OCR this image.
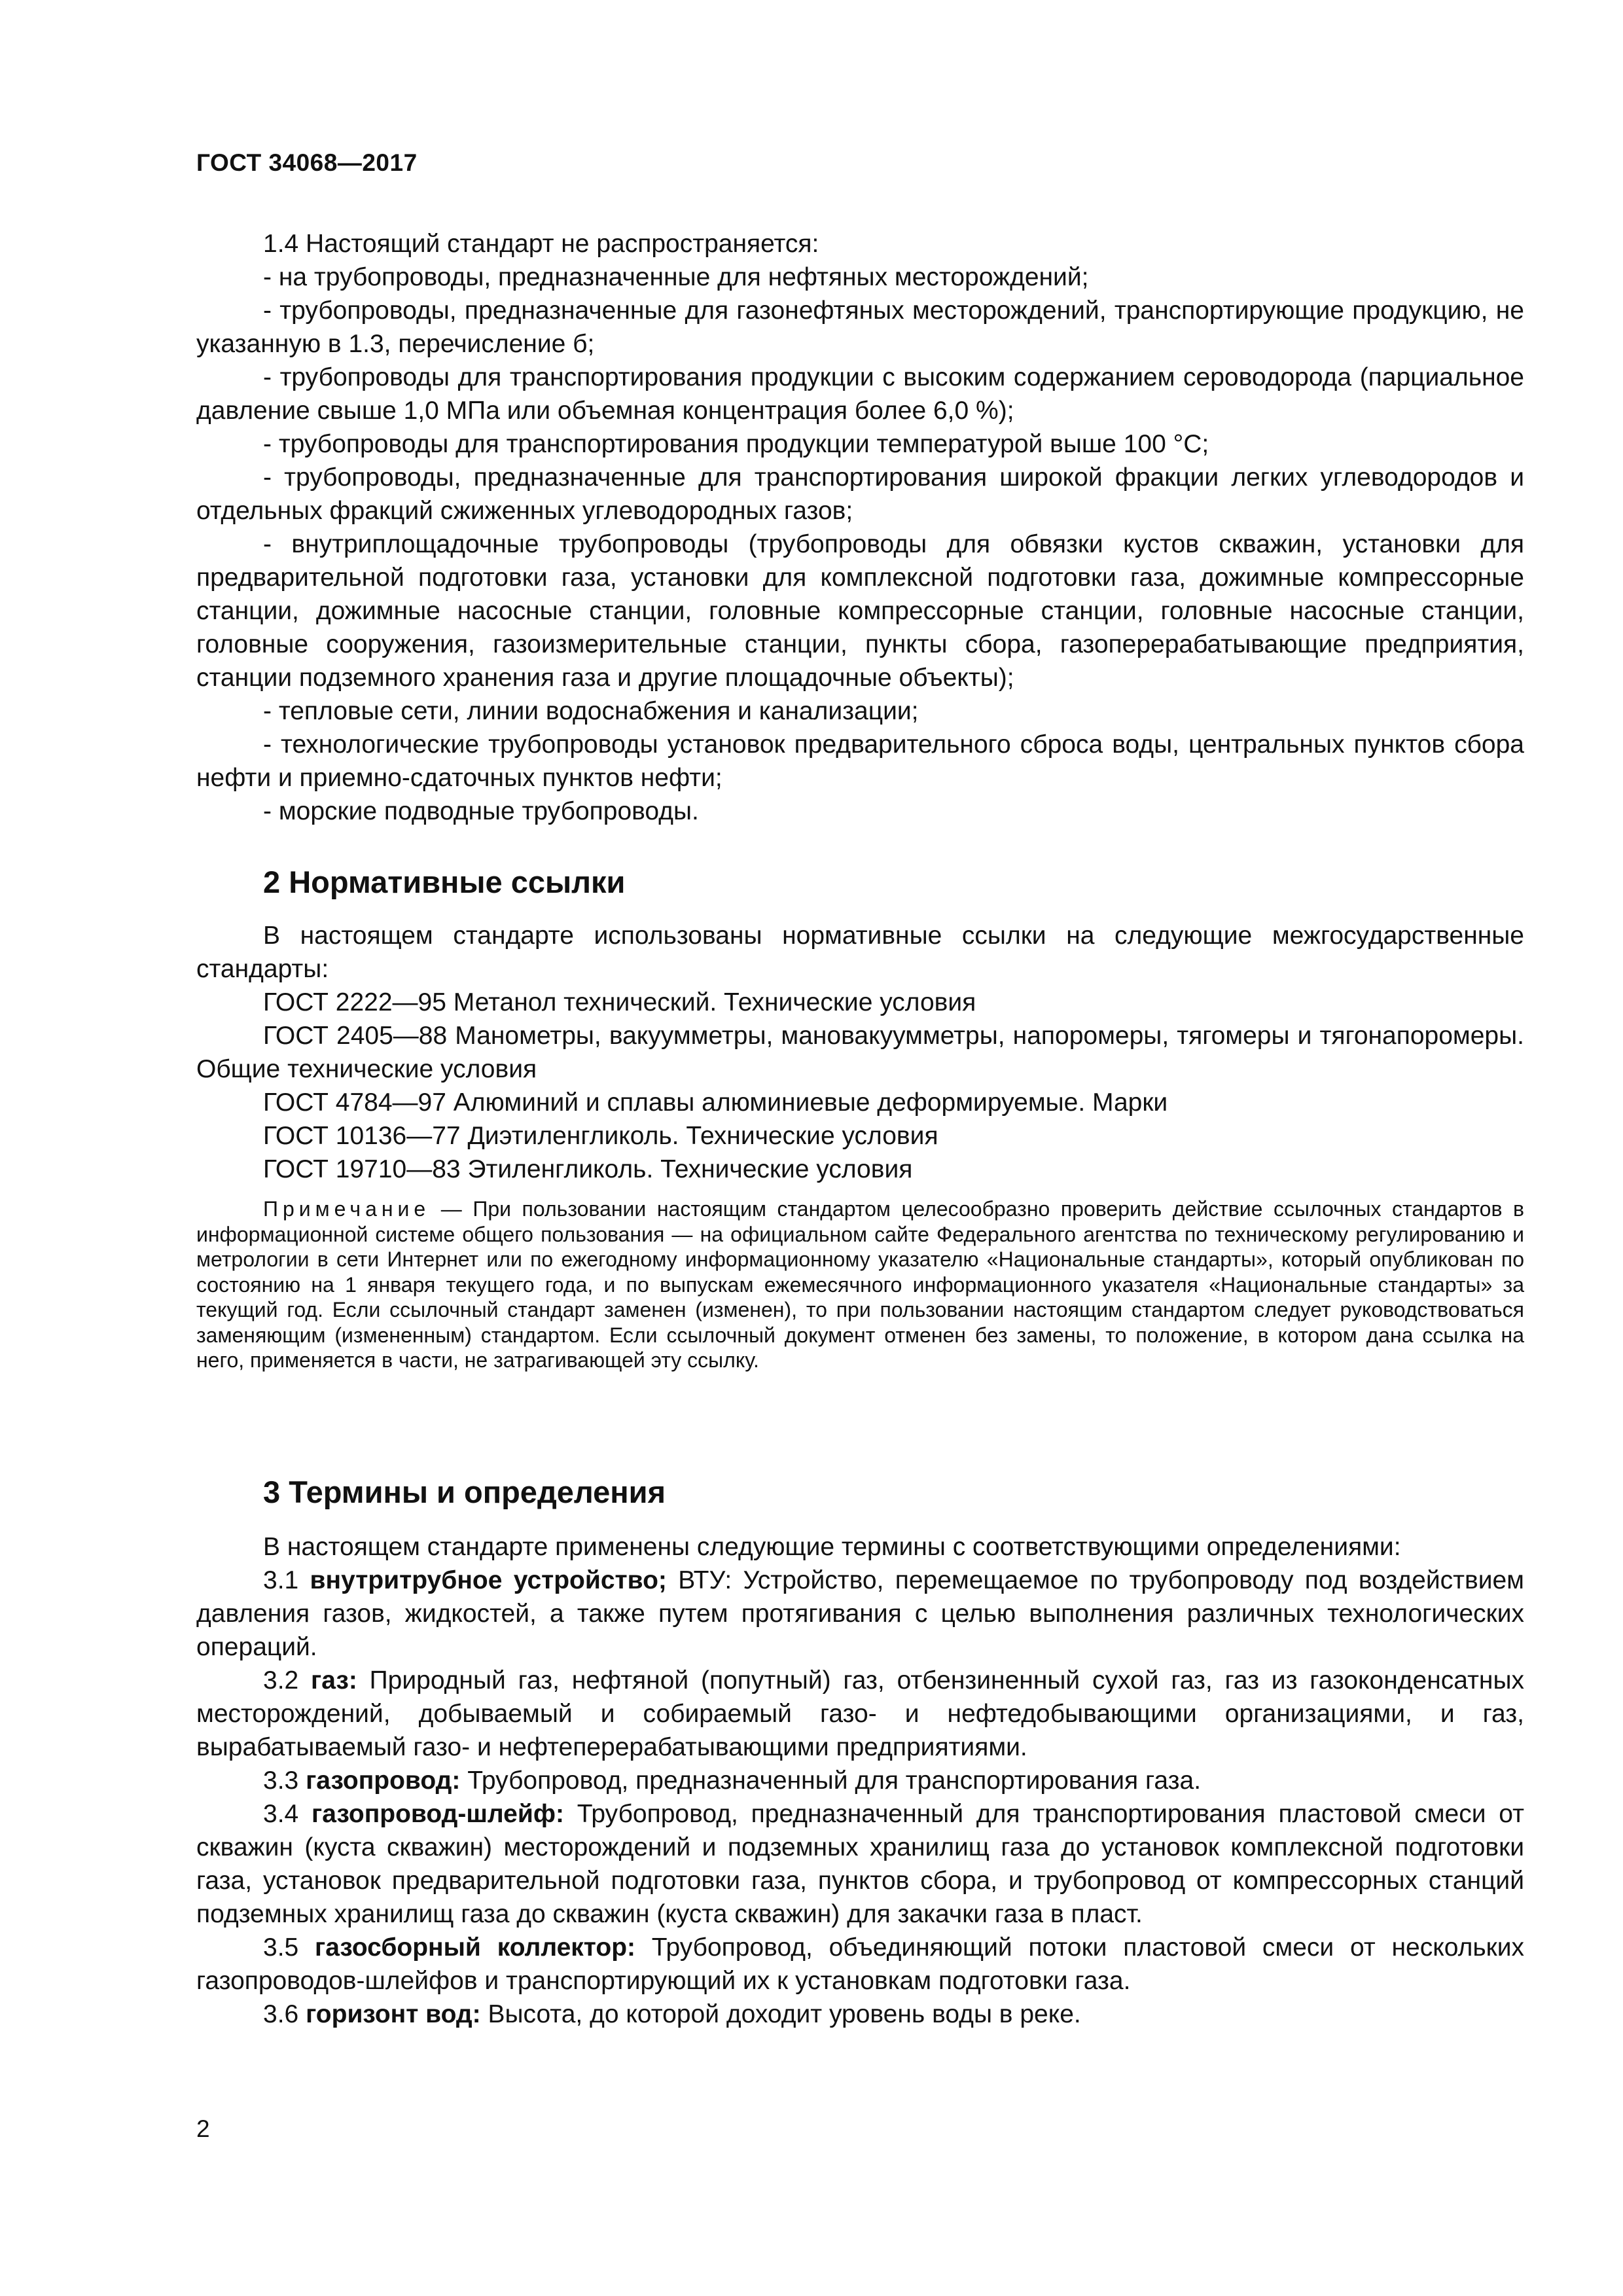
ГОСТ 34068—2017

1.4 Настоящий стандарт не распространяется:

- на трубопроводы, предназначенные для нефтяных месторождений;

- трубопроводы, предназначенные для газонефтяных месторождений, транспортирующие продукцию, не указанную в 1.3, перечисление б;

- трубопроводы для транспортирования продукции с высоким содержанием сероводорода (парциальное давление свыше 1,0 МПа или объемная концентрация более 6,0 %);

- трубопроводы для транспортирования продукции температурой выше 100 °С;

- трубопроводы, предназначенные для транспортирования широкой фракции легких углеводородов и отдельных фракций сжиженных углеводородных газов;

- внутриплощадочные трубопроводы (трубопроводы для обвязки кустов скважин, установки для предварительной подготовки газа, установки для комплексной подготовки газа, дожимные компрессорные станции, дожимные насосные станции, головные компрессорные станции, головные насосные станции, головные сооружения, газоизмерительные станции, пункты сбора, газоперерабатывающие предприятия, станции подземного хранения газа и другие площадочные объекты);

- тепловые сети, линии водоснабжения и канализации;

- технологические трубопроводы установок предварительного сброса воды, центральных пунктов сбора нефти и приемно-сдаточных пунктов нефти;

- морские подводные трубопроводы.

2 Нормативные ссылки

В настоящем стандарте использованы нормативные ссылки на следующие межгосударственные стандарты:

ГОСТ 2222—95 Метанол технический. Технические условия

ГОСТ 2405—88 Манометры, вакуумметры, мановакуумметры, напоромеры, тягомеры и тягонапоромеры. Общие технические условия

ГОСТ 4784—97 Алюминий и сплавы алюминиевые деформируемые. Марки

ГОСТ 10136—77 Диэтиленгликоль. Технические условия

ГОСТ 19710—83 Этиленгликоль. Технические условия

Примечание — При пользовании настоящим стандартом целесообразно проверить действие ссылочных стандартов в информационной системе общего пользования — на официальном сайте Федерального агентства по техническому регулированию и метрологии в сети Интернет или по ежегодному информационному указателю «Национальные стандарты», который опубликован по состоянию на 1 января текущего года, и по выпускам ежемесячного информационного указателя «Национальные стандарты» за текущий год. Если ссылочный стандарт заменен (изменен), то при пользовании настоящим стандартом следует руководствоваться заменяющим (измененным) стандартом. Если ссылочный документ отменен без замены, то положение, в котором дана ссылка на него, применяется в части, не затрагивающей эту ссылку.

3 Термины и определения

В настоящем стандарте применены следующие термины с соответствующими определениями:

3.1 внутритрубное устройство; ВТУ: Устройство, перемещаемое по трубопроводу под воздействием давления газов, жидкостей, а также путем протягивания с целью выполнения различных технологических операций.

3.2 газ: Природный газ, нефтяной (попутный) газ, отбензиненный сухой газ, газ из газоконденсатных месторождений, добываемый и собираемый газо- и нефтедобывающими организациями, и газ, вырабатываемый газо- и нефтеперерабатывающими предприятиями.

3.3 газопровод: Трубопровод, предназначенный для транспортирования газа.

3.4 газопровод-шлейф: Трубопровод, предназначенный для транспортирования пластовой смеси от скважин (куста скважин) месторождений и подземных хранилищ газа до установок комплексной подготовки газа, установок предварительной подготовки газа, пунктов сбора, и трубопровод от компрессорных станций подземных хранилищ газа до скважин (куста скважин) для закачки газа в пласт.

3.5 газосборный коллектор: Трубопровод, объединяющий потоки пластовой смеси от нескольких газопроводов-шлейфов и транспортирующий их к установкам подготовки газа.

3.6 горизонт вод: Высота, до которой доходит уровень воды в реке.

2
